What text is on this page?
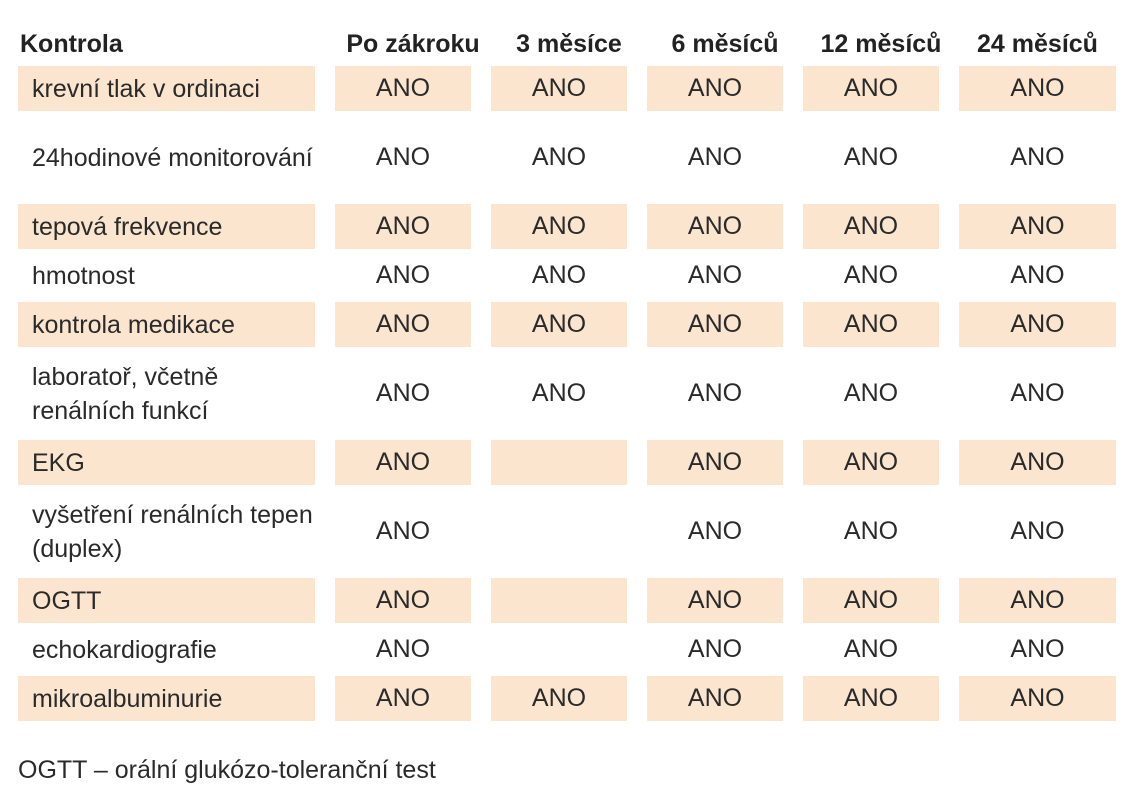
Kontrola	Po zákroku	3 měsíce	6 měsíců	12 měsíců	24 měsíců
krevní tlak v ordinaci	ANO	ANO	ANO	ANO	ANO
24hodinové monitorování	ANO	ANO	ANO	ANO	ANO
tepová frekvence	ANO	ANO	ANO	ANO	ANO
hmotnost	ANO	ANO	ANO	ANO	ANO
kontrola medikace	ANO	ANO	ANO	ANO	ANO
laboratoř, včetně renálních funkcí	ANO	ANO	ANO	ANO	ANO
EKG	ANO		ANO	ANO	ANO
vyšetření renálních tepen (duplex)	ANO		ANO	ANO	ANO
OGTT	ANO		ANO	ANO	ANO
echokardiografie	ANO		ANO	ANO	ANO
mikroalbuminurie	ANO	ANO	ANO	ANO	ANO
OGTT – orální glukózo-toleranční test
